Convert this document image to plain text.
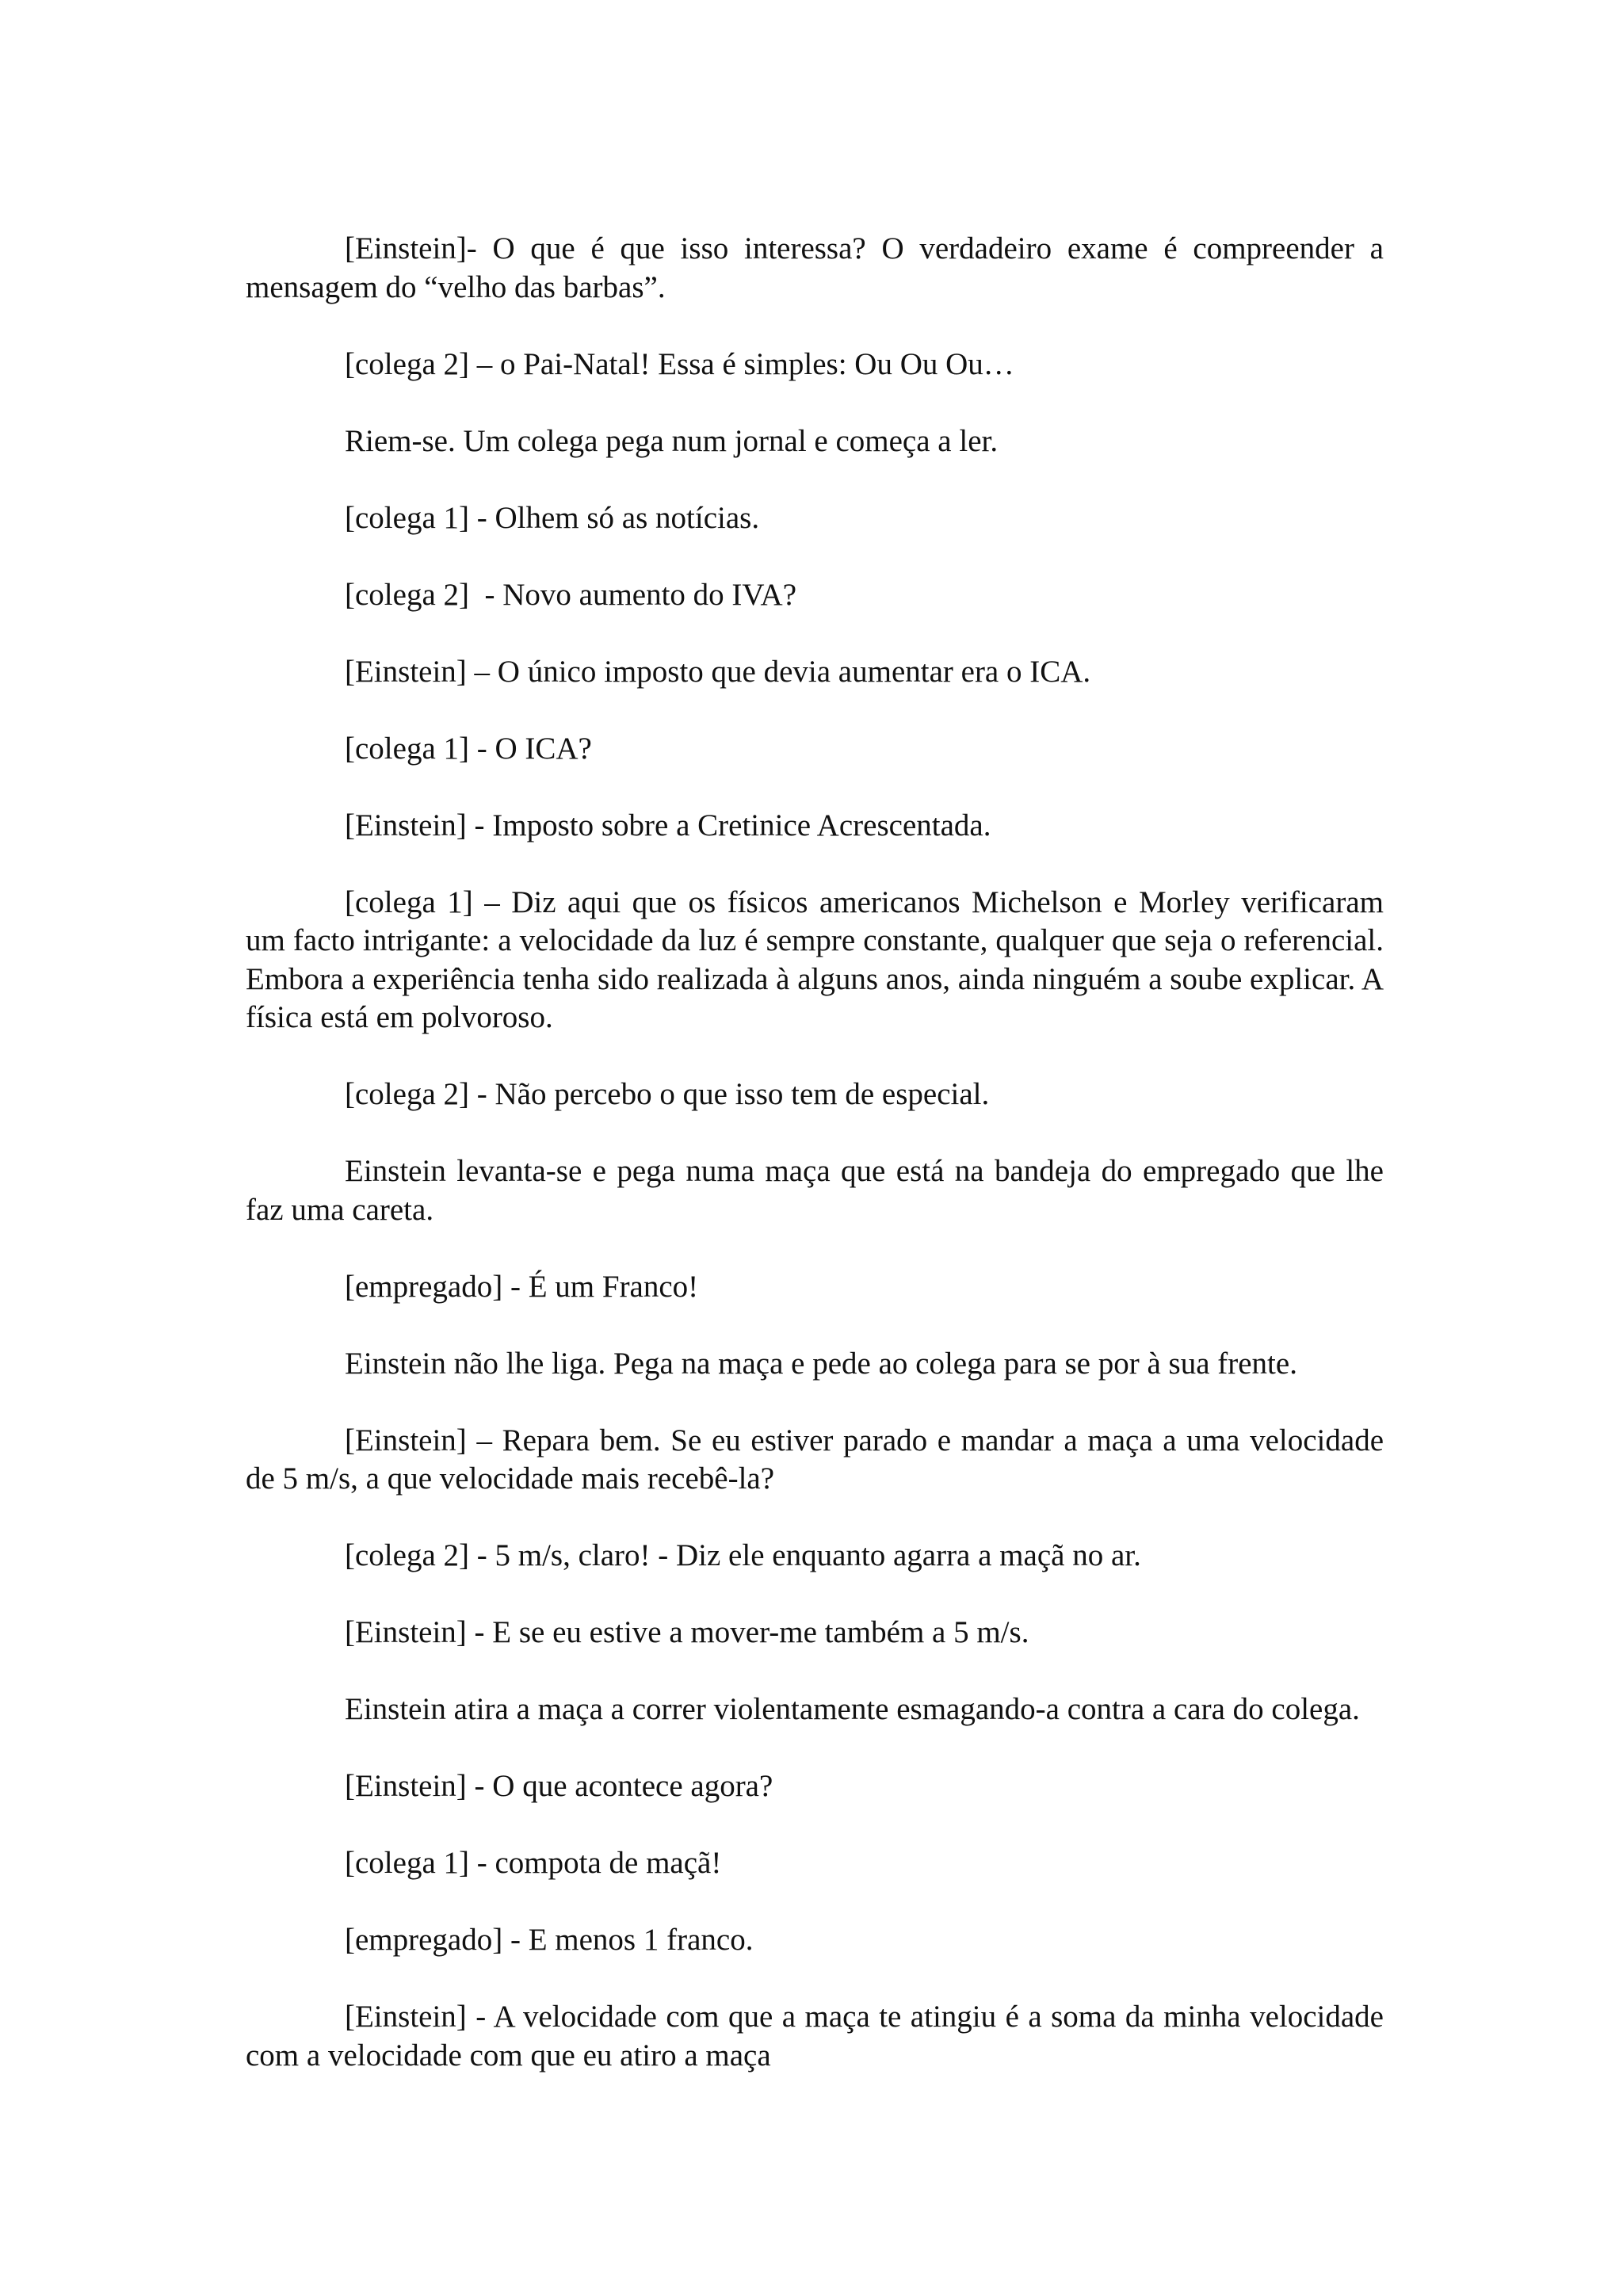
[Einstein]- O que é que isso interessa? O verdadeiro exame é compreender a mensagem do “velho das barbas”.

[colega 2] – o Pai-Natal! Essa é simples: Ou Ou Ou…

Riem-se. Um colega pega num jornal e começa a ler.

[colega 1] - Olhem só as notícias.

[colega 2]  - Novo aumento do IVA?

[Einstein] – O único imposto que devia aumentar era o ICA.

[colega 1] - O ICA?

[Einstein] - Imposto sobre a Cretinice Acrescentada.

[colega 1] – Diz aqui que os físicos americanos Michelson e Morley verificaram um facto intrigante: a velocidade da luz é sempre constante, qualquer que seja o referencial. Embora a experiência tenha sido realizada à alguns anos, ainda ninguém a soube explicar. A física está em polvoroso.

[colega 2] - Não percebo o que isso tem de especial.

Einstein levanta-se e pega numa maça que está na bandeja do empregado que lhe faz uma careta.

[empregado] - É um Franco!

Einstein não lhe liga. Pega na maça e pede ao colega para se por à sua frente.

[Einstein] – Repara bem. Se eu estiver parado e mandar a maça a uma velocidade de 5 m/s, a que velocidade mais recebê-la?

[colega 2] - 5 m/s, claro! - Diz ele enquanto agarra a maçã no ar.

[Einstein] - E se eu estive a mover-me também a 5 m/s.

Einstein atira a maça a correr violentamente esmagando-a contra a cara do colega.

[Einstein] - O que acontece agora?

[colega 1] - compota de maçã!

[empregado] - E menos 1 franco.

[Einstein] - A velocidade com que a maça te atingiu é a soma da minha velocidade com a velocidade com que eu atiro a maça
